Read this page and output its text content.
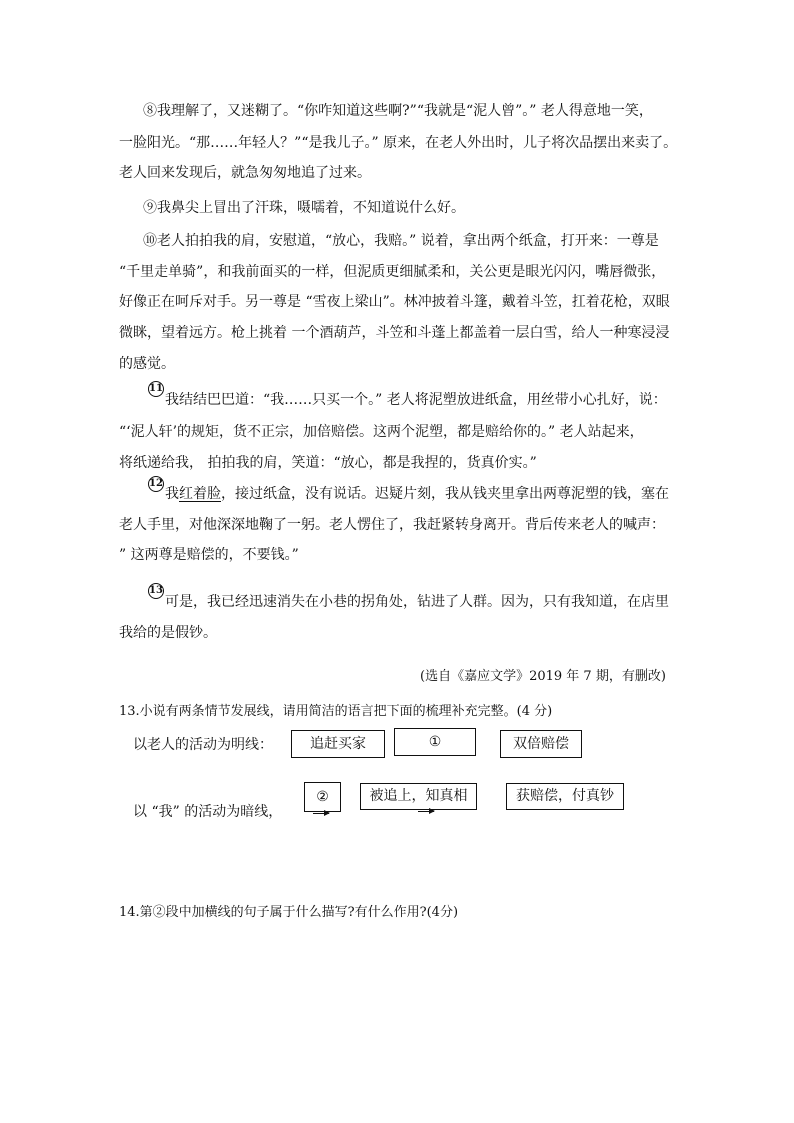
⑧我理解了，又迷糊了。“你咋知道这些啊?”“我就是“泥人曾”。” 老人得意地一笑，
一脸阳光。“那……年轻人？”“是我儿子。” 原来，在老人外出时，儿子将次品摆出来卖了。
老人回来发现后，就急匆匆地追了过来。
⑨我鼻尖上冒出了汗珠，嗫嚅着，不知道说什么好。
⑩老人拍拍我的肩，安慰道，“放心，我赔。” 说着，拿出两个纸盒，打开来：一尊是
“千里走单骑”，和我前面买的一样，但泥质更细腻柔和，关公更是眼光闪闪，嘴唇微张，
好像正在呵斥对手。另一尊是 “雪夜上梁山”。林冲披着斗篷，戴着斗笠，扛着花枪，双眼
微眯，望着远方。枪上挑着 一个酒葫芦，斗笠和斗蓬上都盖着一层白雪，给人一种寒浸浸
的感觉。
11
我结结巴巴道：“我……只买一个。” 老人将泥塑放进纸盒，用丝带小心扎好，说：
“‘泥人轩’的规矩，货不正宗，加倍赔偿。这两个泥塑，都是赔给你的。” 老人站起来，
将纸递给我， 拍拍我的肩，笑道：“放心，都是我捏的，货真价实。”
12
我红着脸，接过纸盒，没有说话。迟疑片刻，我从钱夹里拿出两尊泥塑的钱，塞在
老人手里，对他深深地鞠了一躬。老人愣住了，我赶紧转身离开。背后传来老人的喊声：
” 这两尊是赔偿的，不要钱。”
13
可是，我已经迅速消失在小巷的拐角处，钻进了人群。因为，只有我知道，在店里
我给的是假钞。
(选自《嘉应文学》2019 年 7 期，有删改)
13.小说有两条情节发展线，请用简洁的语言把下面的梳理补充完整。(4 分)
以老人的活动为明线：	追赶买家	①	双倍赔偿
以 “我” 的活动为暗线，
②	被追上，知真相	获赔偿，付真钞
14.第②段中加横线的句子属于什么描写?有什么作用?(4分)
